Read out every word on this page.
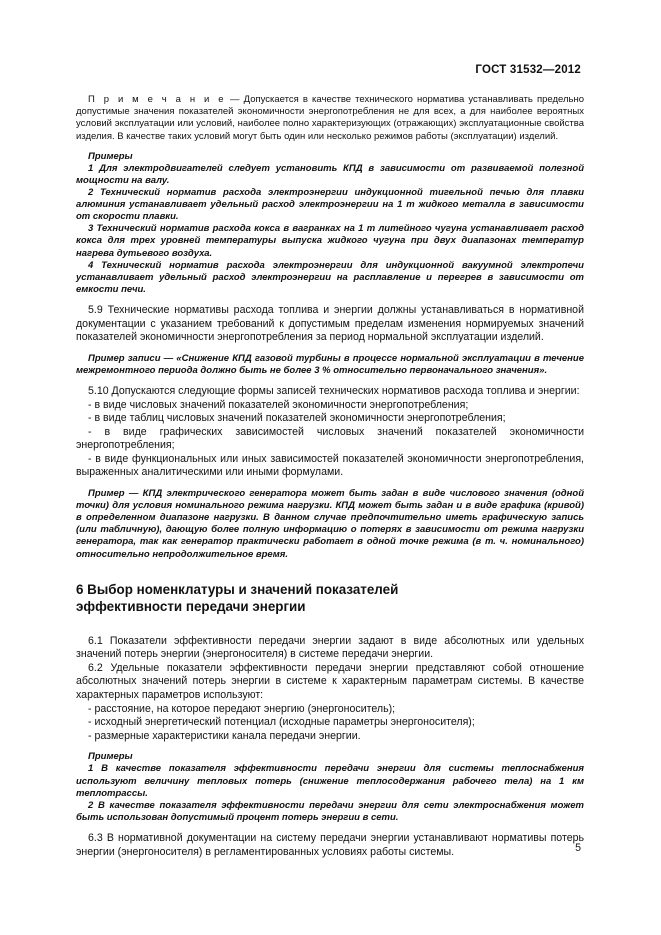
ГОСТ 31532—2012

П р и м е ч а н и е — Допускается в качестве технического норматива устанавливать предельно допустимые значения показателей экономичности энергопотребления не для всех, а для наиболее вероятных условий эксплуатации или условий, наиболее полно характеризующих (отражающих) эксплуатационные свойства изделия. В качестве таких условий могут быть один или несколько режимов работы (эксплуатации) изделий.

Примеры

1 Для электродвигателей следует установить КПД в зависимости от развиваемой полезной мощности на валу.

2 Технический норматив расхода электроэнергии индукционной тигельной печью для плавки алюминия устанавливает удельный расход электроэнергии на 1 т жидкого металла в зависимости от скорости плавки.

3 Технический норматив расхода кокса в вагранках на 1 т литейного чугуна устанавливает расход кокса для трех уровней температуры выпуска жидкого чугуна при двух диапазонах температур нагрева дутьевого воздуха.

4 Технический норматив расхода электроэнергии для индукционной вакуумной электропечи устанавливает удельный расход электроэнергии на расплавление и перегрев в зависимости от емкости печи.

5.9 Технические нормативы расхода топлива и энергии должны устанавливаться в нормативной документации с указанием требований к допустимым пределам изменения нормируемых значений показателей экономичности энергопотребления за период нормальной эксплуатации изделий.

Пример записи — «Снижение КПД газовой турбины в процессе нормальной эксплуатации в течение межремонтного периода должно быть не более 3 % относительно первоначального значения».

5.10 Допускаются следующие формы записей технических нормативов расхода топлива и энергии:

- в виде числовых значений показателей экономичности энергопотребления;

- в виде таблиц числовых значений показателей экономичности энергопотребления;

- в виде графических зависимостей числовых значений показателей экономичности энергопотребления;

- в виде функциональных или иных зависимостей показателей экономичности энергопотребления, выраженных аналитическими или иными формулами.

Пример — КПД электрического генератора может быть задан в виде числового значения (одной точки) для условия номинального режима нагрузки. КПД может быть задан и в виде графика (кривой) в определенном диапазоне нагрузки. В данном случае предпочтительно иметь графическую запись (или табличную), дающую более полную информацию о потерях в зависимости от режима нагрузки генератора, так как генератор практически работает в одной точке режима (в т. ч. номинального) относительно непродолжительное время.

6 Выбор номенклатуры и значений показателей
эффективности передачи энергии

6.1 Показатели эффективности передачи энергии задают в виде абсолютных или удельных значений потерь энергии (энергоносителя) в системе передачи энергии.

6.2 Удельные показатели эффективности передачи энергии представляют собой отношение абсолютных значений потерь энергии в системе к характерным параметрам системы. В качестве характерных параметров используют:

- расстояние, на которое передают энергию (энергоноситель);

- исходный энергетический потенциал (исходные параметры энергоносителя);

- размерные характеристики канала передачи энергии.

Примеры

1 В качестве показателя эффективности передачи энергии для системы теплоснабжения используют величину тепловых потерь (снижение теплосодержания рабочего тела) на 1 км теплотрассы.

2 В качестве показателя эффективности передачи энергии для сети электроснабжения может быть использован допустимый процент потерь энергии в сети.

6.3 В нормативной документации на систему передачи энергии устанавливают нормативы потерь энергии (энергоносителя) в регламентированных условиях работы системы.	5
